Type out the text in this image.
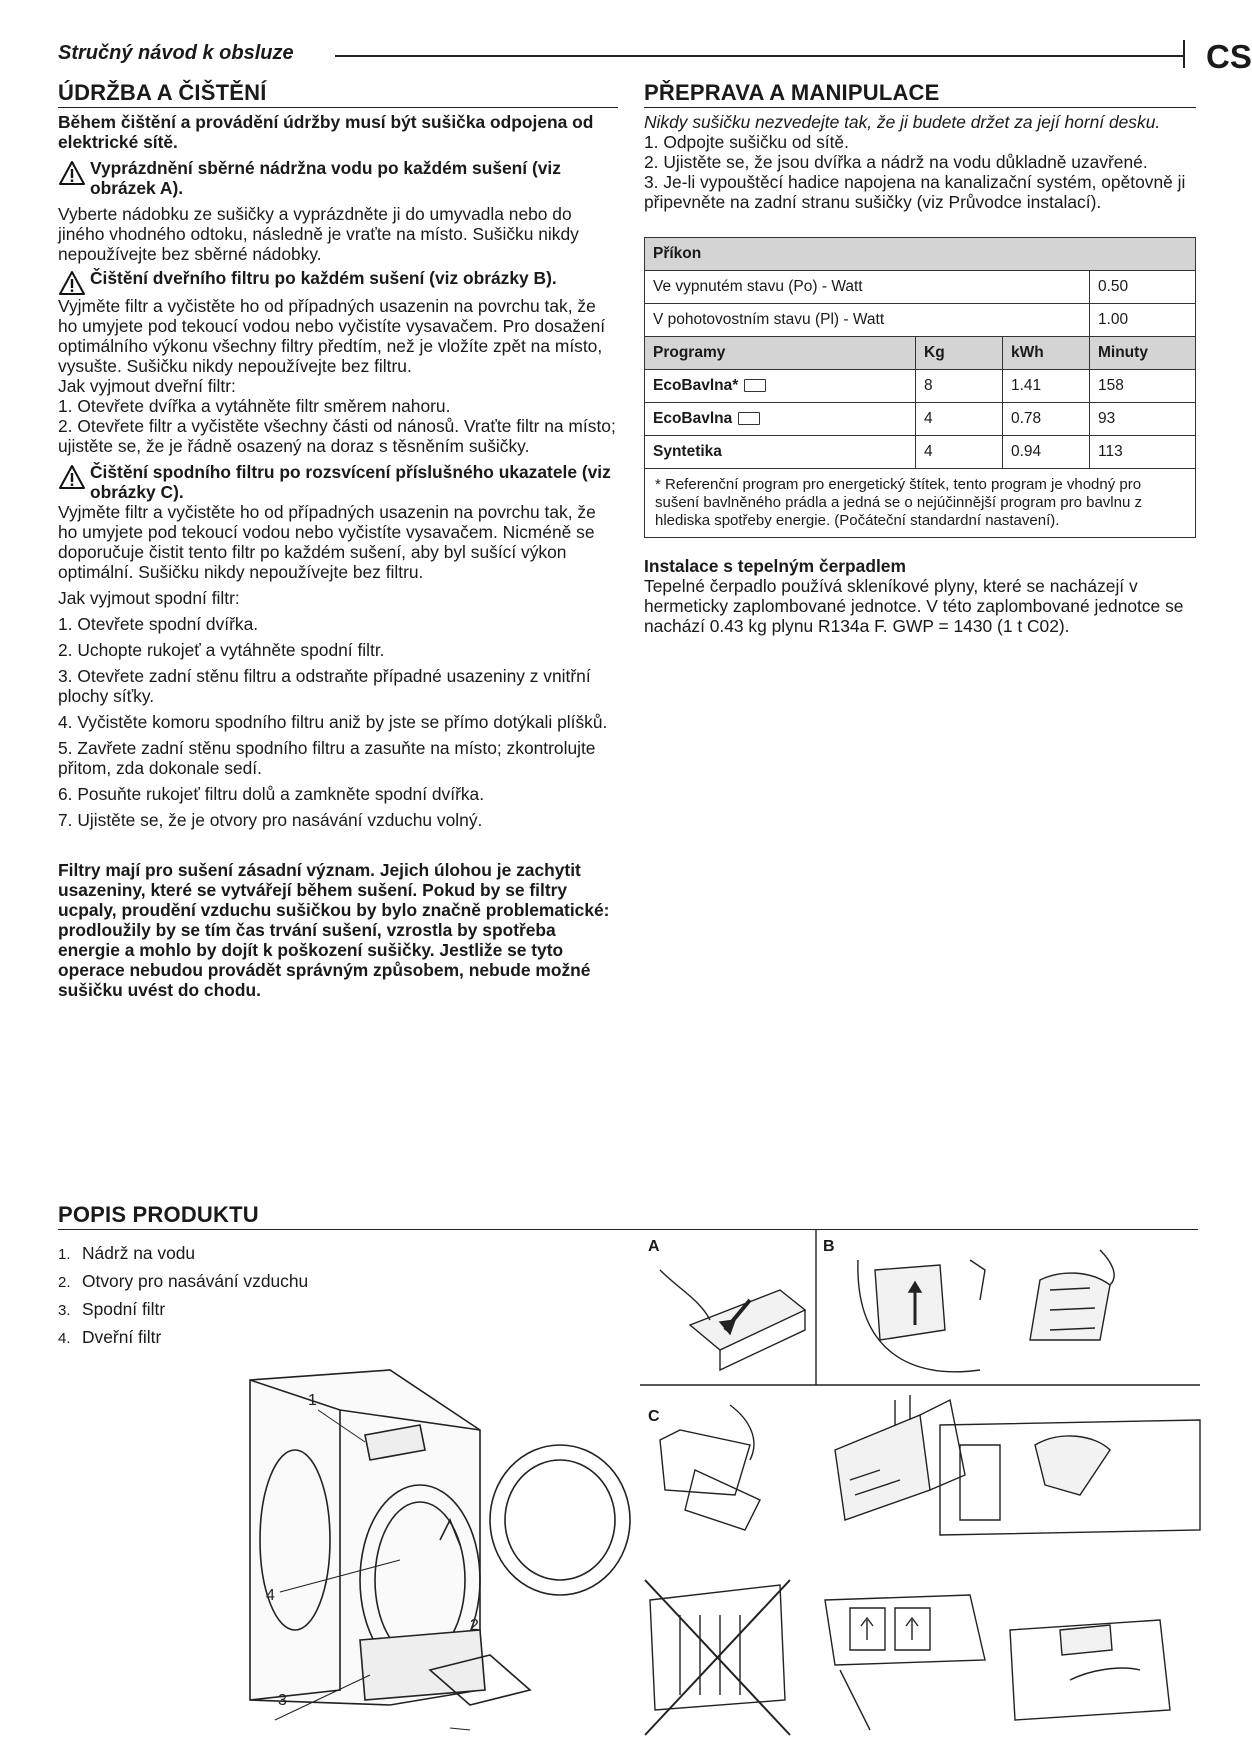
Stručný návod k obsluze	CS
ÚDRŽBA A ČIŠTĚNÍ

Během čištění a provádění údržby musí být sušička odpojena od elektrické sítě.

Vyprázdnění sběrné nádržna vodu po každém sušení (viz obrázek A).

Vyberte nádobku ze sušičky a vyprázdněte ji do umyvadla nebo do jiného vhodného odtoku, následně je vraťte na místo. Sušičku nikdy nepoužívejte bez sběrné nádobky.

Čištění dveřního filtru po každém sušení (viz obrázky B).

Vyjměte filtr a vyčistěte ho od případných usazenin na povrchu tak, že ho umyjete pod tekoucí vodou nebo vyčistíte vysavačem. Pro dosažení optimálního výkonu všechny filtry předtím, než je vložíte zpět na místo, vysušte. Sušičku nikdy nepoužívejte bez filtru.

Jak vyjmout dveřní filtr:

1. Otevřete dvířka a vytáhněte filtr směrem nahoru.
2. Otevřete filtr a vyčistěte všechny části od nánosů. Vraťte filtr na místo; ujistěte se, že je řádně osazený na doraz s těsněním sušičky.
Čištění spodního filtru po rozsvícení příslušného ukazatele (viz obrázky C).

Vyjměte filtr a vyčistěte ho od případných usazenin na povrchu tak, že ho umyjete pod tekoucí vodou nebo vyčistíte vysavačem. Nicméně se doporučuje čistit tento filtr po každém sušení, aby byl sušící výkon optimální. Sušičku nikdy nepoužívejte bez filtru.

Jak vyjmout spodní filtr:

1. Otevřete spodní dvířka.
2. Uchopte rukojeť a vytáhněte spodní filtr.
3. Otevřete zadní stěnu filtru a odstraňte případné usazeniny z vnitřní plochy síťky.
4. Vyčistěte komoru spodního filtru aniž by jste se přímo dotýkali plíšků.
5. Zavřete zadní stěnu spodního filtru a zasuňte na místo; zkontrolujte přitom, zda dokonale sedí.
6. Posuňte rukojeť filtru dolů a zamkněte spodní dvířka.
7. Ujistěte se, že je otvory pro nasávání vzduchu volný.

Filtry mají pro sušení zásadní význam. Jejich úlohou je zachytit usazeniny, které se vytvářejí během sušení. Pokud by se filtry ucpaly, proudění vzduchu sušičkou by bylo značně problematické: prodloužily by se tím čas trvání sušení, vzrostla by spotřeba energie a mohlo by dojít k poškození sušičky. Jestliže se tyto operace nebudou provádět správným způsobem, nebude možné sušičku uvést do chodu.

PŘEPRAVA A MANIPULACE

Nikdy sušičku nezvedejte tak, že ji budete držet za její horní desku.

1. Odpojte sušičku od sítě.
2. Ujistěte se, že jsou dvířka a nádrž na vodu důkladně uzavřené.
3. Je-li vypouštěcí hadice napojena na kanalizační systém, opětovně ji připevněte na zadní stranu sušičky (viz Průvodce instalací).
Příkon			
Ve vypnutém stavu (Po) - Watt			0.50
V pohotovostním stavu (Pl) - Watt			1.00
Programy	Kg	kWh	Minuty
EcoBavlna*	8	1.41	158
EcoBavlna	4	0.78	93
Syntetika	4	0.94	113
* Referenční program pro energetický štítek, tento program je vhodný pro sušení bavlněného prádla a jedná se o nejúčinnější program pro bavlnu z hlediska spotřeby energie. (Počáteční standardní nastavení).			

Instalace s tepelným čerpadlem

Tepelné čerpadlo používá skleníkové plyny, které se nacházejí v hermeticky zaplombované jednotce. V této zaplombované jednotce se nachází 0.43 kg plynu R134a F. GWP = 1430 (1 t C02).

POPIS PRODUKTU
1. Nádrž na vodu
2. Otvory pro nasávání vzduchu
3. Spodní filtr
4. Dveřní filtr
1
2
3
4
A	B
C
